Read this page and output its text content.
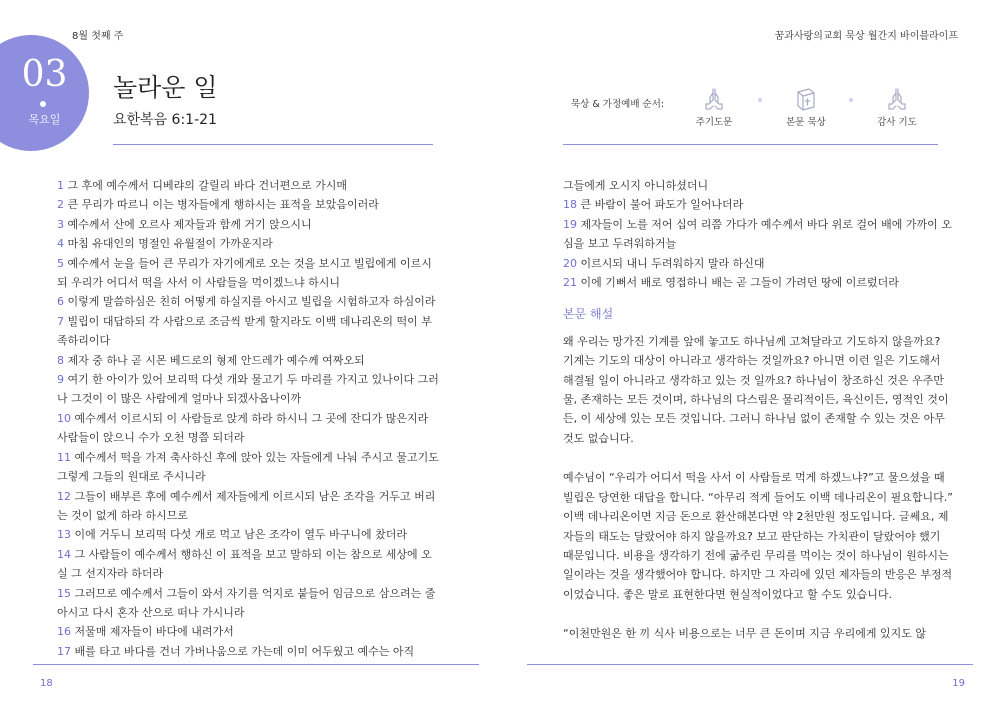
8월 첫째 주	꿈과사랑의교회 묵상 월간지 바이블라이프
03
목요일
놀라운 일
요한복음 6:1-21
묵상 & 가정예배 순서:
주기도문	본문 묵상	감사 기도
1 그 후에 예수께서 디베랴의 갈릴리 바다 건너편으로 가시매
2 큰 무리가 따르니 이는 병자들에게 행하시는 표적을 보았음이러라
3 예수께서 산에 오르사 제자들과 함께 거기 앉으시니
4 마침 유대인의 명절인 유월절이 가까운지라
5 예수께서 눈을 들어 큰 무리가 자기에게로 오는 것을 보시고 빌립에게 이르시되 우리가 어디서 떡을 사서 이 사람들을 먹이겠느냐 하시니
6 이렇게 말씀하심은 친히 어떻게 하실지를 아시고 빌립을 시험하고자 하심이라
7 빌립이 대답하되 각 사람으로 조금씩 받게 할지라도 이백 데나리온의 떡이 부족하리이다
8 제자 중 하나 곧 시몬 베드로의 형제 안드레가 예수께 여짜오되
9 여기 한 아이가 있어 보리떡 다섯 개와 물고기 두 마리를 가지고 있나이다 그러나 그것이 이 많은 사람에게 얼마나 되겠사옵나이까
10 예수께서 이르시되 이 사람들로 앉게 하라 하시니 그 곳에 잔디가 많은지라 사람들이 앉으니 수가 오천 명쯤 되더라
11 예수께서 떡을 가져 축사하신 후에 앉아 있는 자들에게 나눠 주시고 물고기도 그렇게 그들의 원대로 주시니라
12 그들이 배부른 후에 예수께서 제자들에게 이르시되 남은 조각을 거두고 버리는 것이 없게 하라 하시므로
13 이에 거두니 보리떡 다섯 개로 먹고 남은 조각이 열두 바구니에 찼더라
14 그 사람들이 예수께서 행하신 이 표적을 보고 말하되 이는 참으로 세상에 오실 그 선지자라 하더라
15 그러므로 예수께서 그들이 와서 자기를 억지로 붙들어 임금으로 삼으려는 줄 아시고 다시 혼자 산으로 떠나 가시니라
16 저물매 제자들이 바다에 내려가서
17 배를 타고 바다를 건너 가버나움으로 가는데 이미 어두웠고 예수는 아직
그들에게 오시지 아니하셨더니
18 큰 바람이 불어 파도가 일어나더라
19 제자들이 노를 저어 십여 리쯤 가다가 예수께서 바다 위로 걸어 배에 가까이 오심을 보고 두려워하거늘
20 이르시되 내니 두려워하지 말라 하신대
21 이에 기뻐서 배로 영접하니 배는 곧 그들이 가려던 땅에 이르렀더라
본문 해설

왜 우리는 망가진 기계를 앞에 놓고도 하나님께 고쳐달라고 기도하지 않을까요? 기계는 기도의 대상이 아니라고 생각하는 것일까요? 아니면 이런 일은 기도해서 해결될 일이 아니라고 생각하고 있는 것 일까요? 하나님이 창조하신 것은 우주만물, 존재하는 모든 것이며, 하나님의 다스림은 물리적이든, 육신이든, 영적인 것이든, 이 세상에 있는 모든 것입니다. 그러니 하나님 없이 존재할 수 있는 것은 아무 것도 없습니다.

예수님이 “우리가 어디서 떡을 사서 이 사람들로 먹게 하겠느냐?”고 물으셨을 때 빌립은 당연한 대답을 합니다. “아무리 적게 들어도 이백 데나리온이 필요합니다.” 이백 데나리온이면 지금 돈으로 환산해본다면 약 2천만원 정도입니다. 글쎄요, 제자들의 태도는 달랐어야 하지 않을까요? 보고 판단하는 가치관이 달랐어야 했기 때문입니다. 비용을 생각하기 전에 굶주린 무리를 먹이는 것이 하나님이 원하시는 일이라는 것을 생각했어야 합니다. 하지만 그 자리에 있던 제자들의 반응은 부정적이었습니다. 좋은 말로 표현한다면 현실적이었다고 할 수도 있습니다.

“이천만원은 한 끼 식사 비용으로는 너무 큰 돈이며 지금 우리에게 있지도 않

18	19
